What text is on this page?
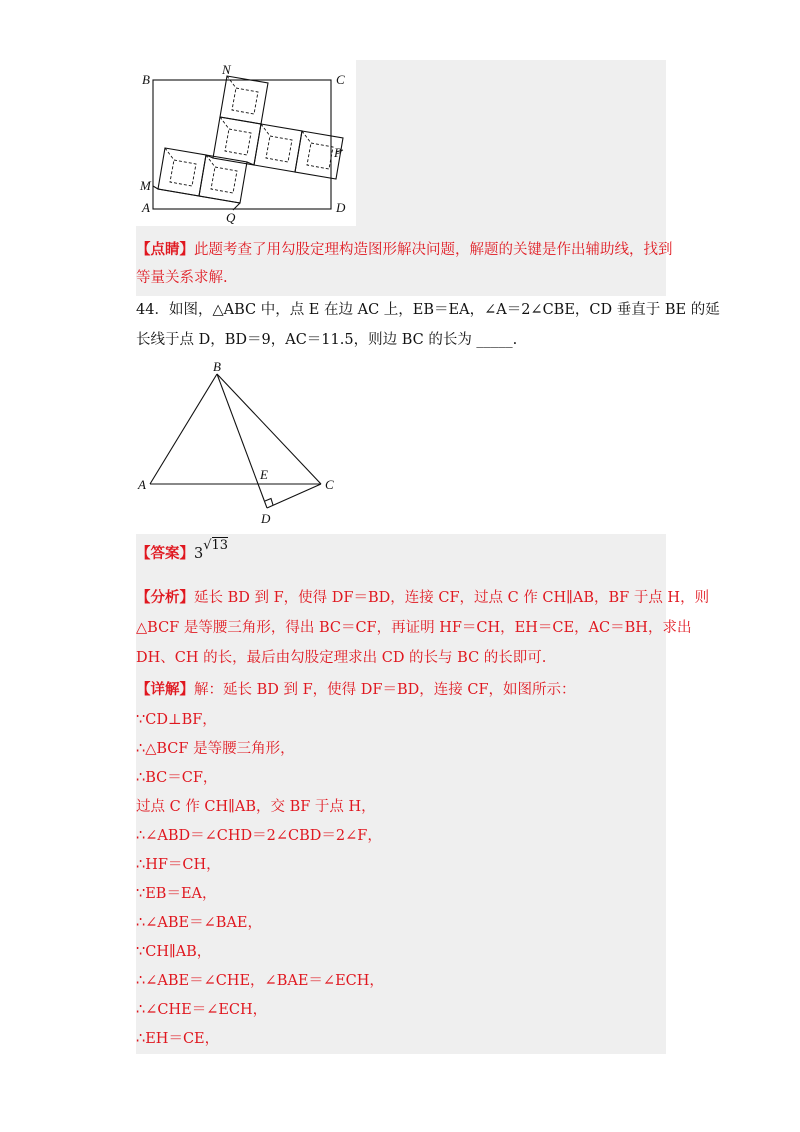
B
N
C
P
M
A
Q
D
【点睛】此题考查了用勾股定理构造图形解决问题，解题的关键是作出辅助线，找到
等量关系求解.
44．如图，△ABC 中，点 E 在边 AC 上，EB＝EA，∠A＝2∠CBE，CD 垂直于 BE 的延
长线于点 D，BD＝9，AC＝11.5，则边 BC 的长为 _____.
B
A
E
C
D
【答案】3√13
【分析】延长 BD 到 F，使得 DF＝BD，连接 CF，过点 C 作 CH∥AB，BF 于点 H，则
△BCF 是等腰三角形，得出 BC＝CF，再证明 HF＝CH，EH＝CE，AC＝BH，求出
DH、CH 的长，最后由勾股定理求出 CD 的长与 BC 的长即可.
【详解】解：延长 BD 到 F，使得 DF＝BD，连接 CF，如图所示：
∵CD⊥BF，
∴△BCF 是等腰三角形，
∴BC＝CF，
过点 C 作 CH∥AB，交 BF 于点 H，
∴∠ABD＝∠CHD＝2∠CBD＝2∠F，
∴HF＝CH，
∵EB＝EA，
∴∠ABE＝∠BAE，
∵CH∥AB，
∴∠ABE＝∠CHE，∠BAE＝∠ECH，
∴∠CHE＝∠ECH，
∴EH＝CE，
